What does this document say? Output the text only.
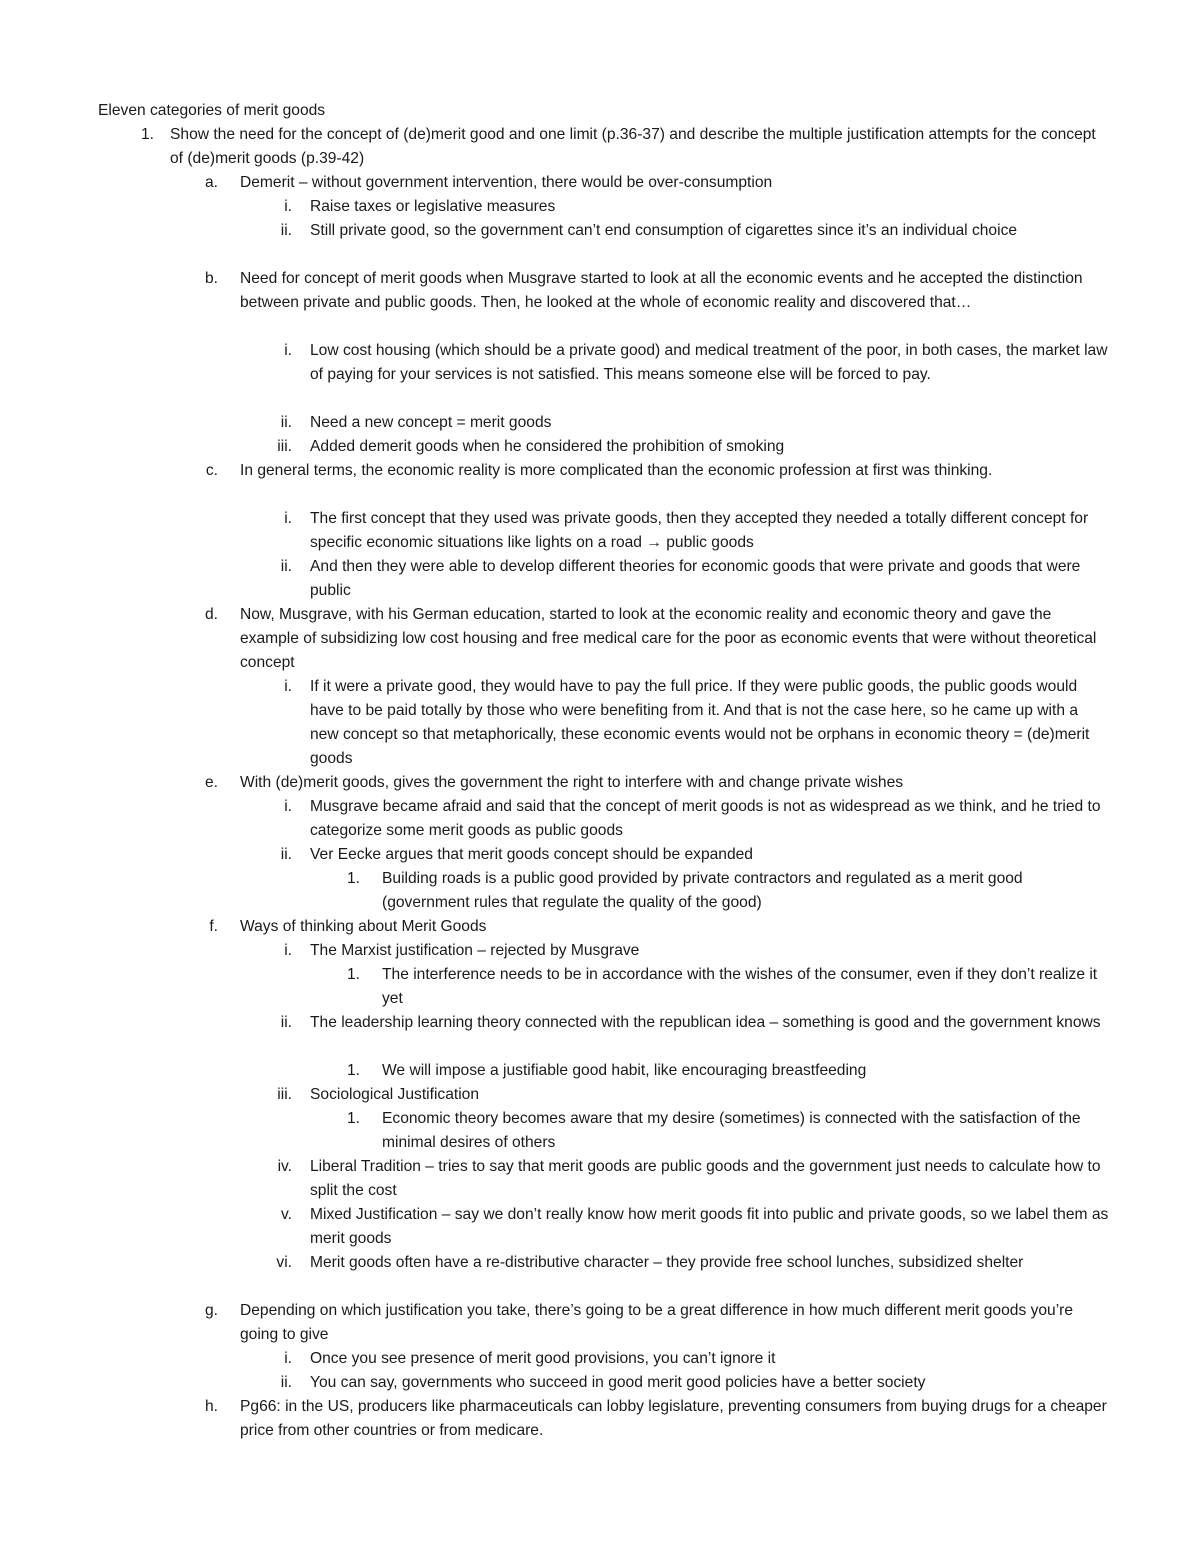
Eleven categories of merit goods
1.	Show the need for the concept of (de)merit good and one limit (p.36-37) and describe the multiple justification attempts for the concept of (de)merit goods (p.39-42)
a.	Demerit – without government intervention, there would be over-consumption
i.	Raise taxes or legislative measures
ii.	Still private good, so the government can’t end consumption of cigarettes since it’s an individual choice
b.	Need for concept of merit goods when Musgrave started to look at all the economic events and he accepted the distinction between private and public goods. Then, he looked at the whole of economic reality and discovered that…
i.	Low cost housing (which should be a private good) and medical treatment of the poor, in both cases, the market law of paying for your services is not satisfied. This means someone else will be forced to pay.
ii.	Need a new concept = merit goods
iii.	Added demerit goods when he considered the prohibition of smoking
c.	In general terms, the economic reality is more complicated than the economic profession at first was thinking.
i.	The first concept that they used was private goods, then they accepted they needed a totally different concept for specific economic situations like lights on a road → public goods
ii.	And then they were able to develop different theories for economic goods that were private and goods that were public
d.	Now, Musgrave, with his German education, started to look at the economic reality and economic theory and gave the example of subsidizing low cost housing and free medical care for the poor as economic events that were without theoretical concept
i.	If it were a private good, they would have to pay the full price. If they were public goods, the public goods would have to be paid totally by those who were benefiting from it. And that is not the case here, so he came up with a new concept so that metaphorically, these economic events would not be orphans in economic theory = (de)merit goods
e.	With (de)merit goods, gives the government the right to interfere with and change private wishes
i.	Musgrave became afraid and said that the concept of merit goods is not as widespread as we think, and he tried to categorize some merit goods as public goods
ii.	Ver Eecke argues that merit goods concept should be expanded
1.	Building roads is a public good provided by private contractors and regulated as a merit good (government rules that regulate the quality of the good)
f.	Ways of thinking about Merit Goods
i.	The Marxist justification – rejected by Musgrave
1.	The interference needs to be in accordance with the wishes of the consumer, even if they don’t realize it yet
ii.	The leadership learning theory connected with the republican idea – something is good and the government knows
1.	We will impose a justifiable good habit, like encouraging breastfeeding
iii.	Sociological Justification
1.	Economic theory becomes aware that my desire (sometimes) is connected with the satisfaction of the minimal desires of others
iv.	Liberal Tradition – tries to say that merit goods are public goods and the government just needs to calculate how to split the cost
v.	Mixed Justification – say we don’t really know how merit goods fit into public and private goods, so we label them as merit goods
vi.	Merit goods often have a re-distributive character – they provide free school lunches, subsidized shelter
g.	Depending on which justification you take, there’s going to be a great difference in how much different merit goods you’re going to give
i.	Once you see presence of merit good provisions, you can’t ignore it
ii.	You can say, governments who succeed in good merit good policies have a better society
h.	Pg66: in the US, producers like pharmaceuticals can lobby legislature, preventing consumers from buying drugs for a cheaper price from other countries or from medicare.
